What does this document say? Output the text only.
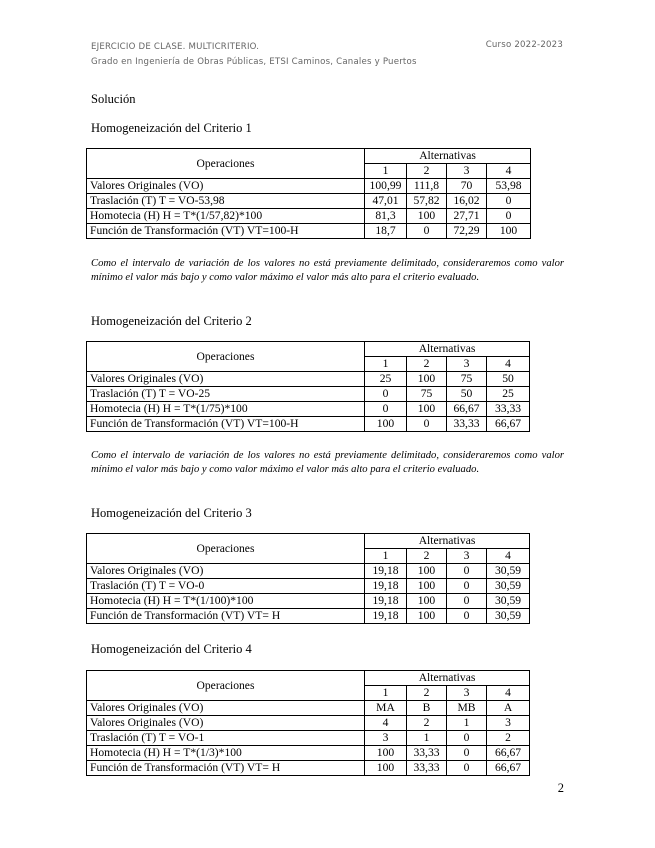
EJERCICIO DE CLASE. MULTICRITERIO.
Grado en Ingeniería de Obras Públicas, ETSI Caminos, Canales y Puertos
Curso 2022-2023
Solución
Homogeneización del Criterio 1
Operaciones	Alternativas			
	1	2	3	4
Valores Originales (VO)	100,99	111,8	70	53,98
Traslación (T) T = VO-53,98	47,01	57,82	16,02	0
Homotecia (H) H = T*(1/57,82)*100	81,3	100	27,71	0
Función de Transformación (VT) VT=100-H	18,7	0	72,29	100
Como el intervalo de variación de los valores no está previamente delimitado, consideraremos como valor mínimo el valor más bajo y como valor máximo el valor más alto para el criterio evaluado.
Homogeneización del Criterio 2
Operaciones	Alternativas			
	1	2	3	4
Valores Originales (VO)	25	100	75	50
Traslación (T) T = VO-25	0	75	50	25
Homotecia (H) H = T*(1/75)*100	0	100	66,67	33,33
Función de Transformación (VT) VT=100-H	100	0	33,33	66,67
Como el intervalo de variación de los valores no está previamente delimitado, consideraremos como valor mínimo el valor más bajo y como valor máximo el valor más alto para el criterio evaluado.
Homogeneización del Criterio 3
Operaciones	Alternativas			
	1	2	3	4
Valores Originales (VO)	19,18	100	0	30,59
Traslación (T) T = VO-0	19,18	100	0	30,59
Homotecia (H) H = T*(1/100)*100	19,18	100	0	30,59
Función de Transformación (VT) VT= H	19,18	100	0	30,59
Homogeneización del Criterio 4
Operaciones	Alternativas			
	1	2	3	4
Valores Originales (VO)	MA	B	MB	A
Valores Originales (VO)	4	2	1	3
Traslación (T) T = VO-1	3	1	0	2
Homotecia (H) H = T*(1/3)*100	100	33,33	0	66,67
Función de Transformación (VT) VT= H	100	33,33	0	66,67
2
